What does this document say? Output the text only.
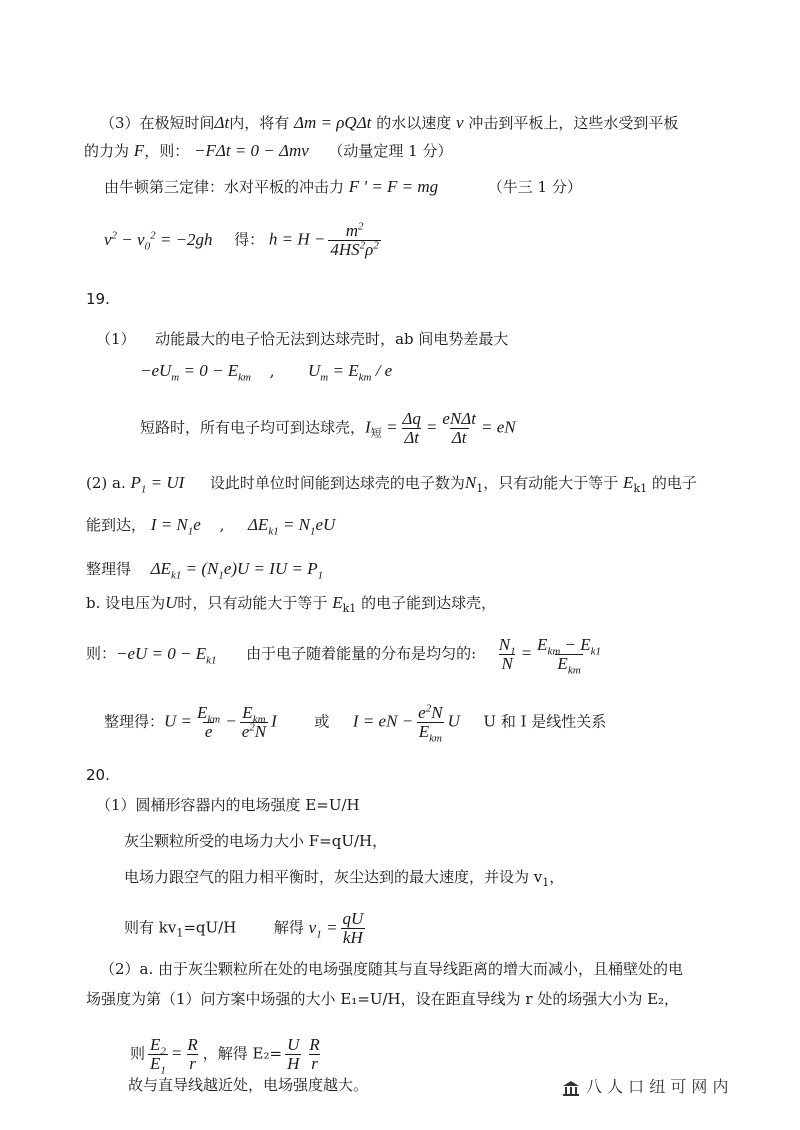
（3）在极短时间Δt内，将有 Δm = ρQΔt 的水以速度 v 冲击到平板上，这些水受到平板
的力为 F，则： −FΔt = 0 − Δmv （动量定理 1 分）
由牛顿第三定律：水对平板的冲击力 F ' = F = mg	（牛三 1 分）
$v^2 - v_0^2 = -2gh$ 得： $h = H - \frac{m^2}{4HS^2\rho^2}$
19.
（1） 动能最大的电子恰无法到达球壳时，ab 间电势差最大
$-eU_m = 0 - E_{km}$ ,  $U_m = E_{km} / e$
短路时，所有电子均可到达球壳，$I_短 = \frac{\Delta q}{\Delta t} = \frac{\text{eNΔt}}{\Delta t}$ = eN
(2) a. $P_1$ = UI 设此时单位时间能到达球壳的电子数为$N_1$，只有动能大于等于 $E_{k1}$ 的电子
能到达， $I = N_1e$ ,  $\Delta E_{k1} = N_1eU$
整理得 $\Delta E_{k1} = (N_1e)U$ = IU = $P_1$
b. 设电压为U时，只有动能大于等于 $E_{k1}$ 的电子能到达球壳，
则：$-eU = 0 - E_{k1}$ 由于电子随着能量的分布是均匀的: $\frac{N_1}{N} = \frac{E_{km} - E_{k1}}{E_{km}}$
整理得：$U = \frac{E_{km}}{e} - \frac{E_{km}}{e^2N}$ I	或 I = eN − $\frac{e^2N}{E_{km}}$ U U 和 I 是线性关系
20.
（1）圆桶形容器内的电场强度 E=U/H
灰尘颗粒所受的电场力大小 F=qU/H，
电场力跟空气的阻力相平衡时，灰尘达到的最大速度，并设为 $v_1$，
则有 $kv_1=qU/H$	解得 $v_1 = \frac{qU}{kH}$
（2）a. 由于灰尘颗粒所在处的电场强度随其与直导线距离的增大而减小，且桶壁处的电
场强度为第（1）问方案中场强的大小 E₁=U/H，设在距直导线为 r 处的场强大小为 E₂，
则 $\frac{E_2}{E_1} = \frac{R}{r}$ ，解得 $E_2= \frac{U}{H} \frac{R}{r}$
故与直导线越近处，电场强度越大。	八 ⼈ 口 纽 可 ⽹ 内
